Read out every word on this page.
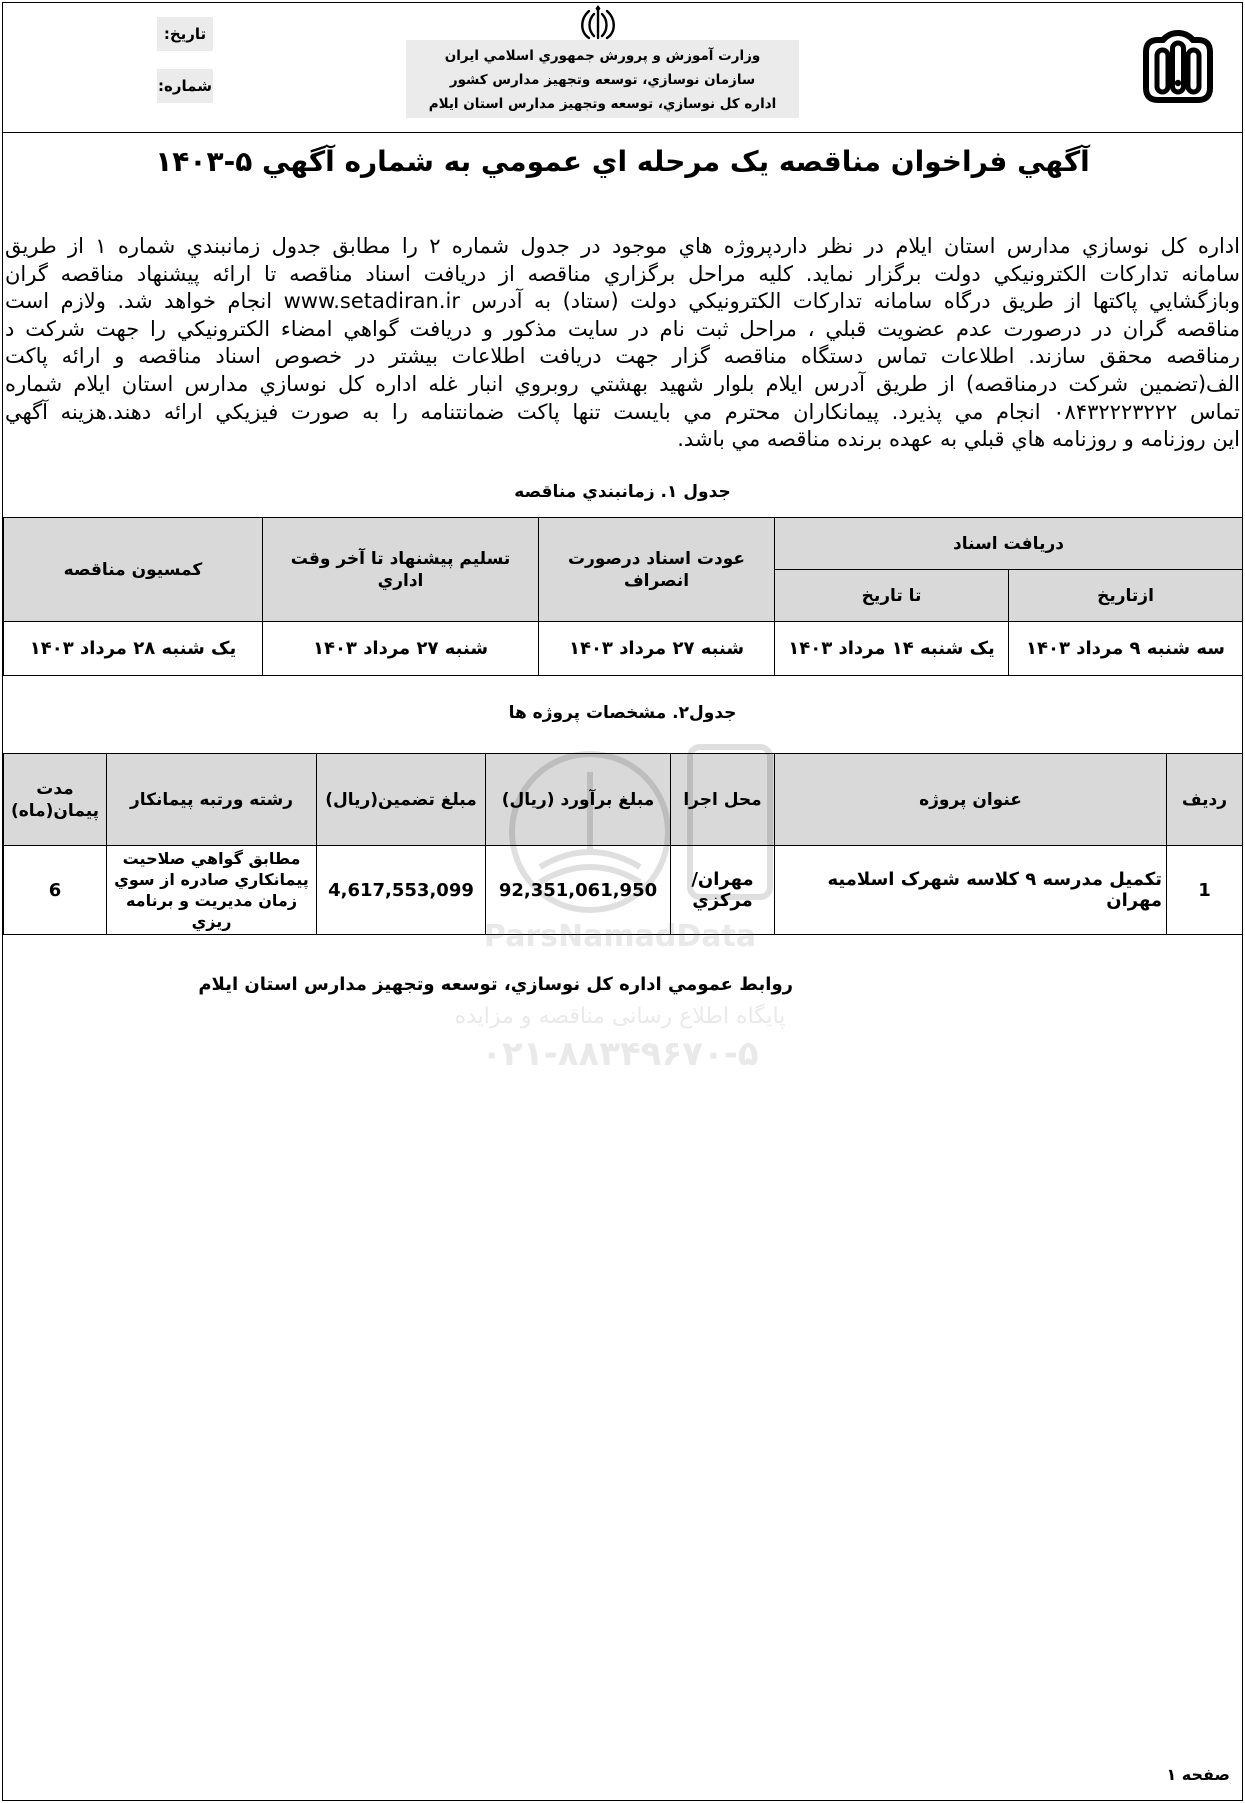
تاريخ:
شماره:
وزارت آموزش و پرورش جمهوري اسلامي ايران
سازمان نوسازي، توسعه وتجهيز مدارس كشور
اداره كل نوسازي، توسعه وتجهيز مدارس استان ايلام
آگهي فراخوان مناقصه يک مرحله اي عمومي به شماره آگهي ۵-۱۴۰۳
اداره كل نوسازي مدارس استان ايلام در نظر داردپروژه هاي موجود در جدول شماره ۲ را مطابق جدول زمانبندي شماره ۱ از طريق
سامانه تداركات الكترونيكي دولت برگزار نمايد. كليه مراحل برگزاري مناقصه از دريافت اسناد مناقصه تا ارائه پيشنهاد مناقصه گران
وبازگشايي پاكتها از طريق درگاه سامانه تداركات الكترونيكي دولت (ستاد) به آدرس www.setadiran.ir انجام خواهد شد. ولازم است
مناقصه گران در درصورت عدم عضويت قبلي ، مراحل ثبت نام در سايت مذكور و دريافت گواهي امضاء الكترونيكي را جهت شركت د
رمناقصه محقق سازند. اطلاعات تماس دستگاه مناقصه گزار جهت دريافت اطلاعات بيشتر در خصوص اسناد مناقصه و ارائه پاكت
الف(تضمين شركت درمناقصه) از طريق آدرس ايلام بلوار شهيد بهشتي روبروي انبار غله اداره كل نوسازي مدارس استان ايلام شماره
تماس ۰۸۴۳۲۲۲۳۲۲۲ انجام مي پذيرد. پيمانكاران محترم مي بايست تنها پاكت ضمانتنامه را به صورت فيزيكي ارائه دهند.هزينه آگهي
اين روزنامه و روزنامه هاي قبلي به عهده برنده مناقصه مي باشد.
جدول ۱. زمانبندي مناقصه
دريافت اسناد		عودت اسناد درصورت انصراف	تسليم پيشنهاد تا آخر وقت اداري	كمسيون مناقصه
ازتاريخ	تا تاريخ			
سه شنبه ۹ مرداد ۱۴۰۳	يک شنبه ۱۴ مرداد ۱۴۰۳	شنبه ۲۷ مرداد ۱۴۰۳	شنبه ۲۷ مرداد ۱۴۰۳	يک شنبه ۲۸ مرداد ۱۴۰۳
جدول۲. مشخصات پروژه ها
رديف	عنوان پروژه	محل اجرا	مبلغ برآورد (ريال)	مبلغ تضمين(ريال)	رشته ورتبه پيمانكار	مدت پيمان(ماه)
1	تكميل مدرسه ۹ كلاسه شهرک اسلاميه مهران	مهران/مركزي	92,351,061,950	4,617,553,099	مطابق گواهي صلاحيت پيمانكاري صادره از سوي زمان مديريت و برنامه ريزي	6
روابط عمومي اداره كل نوسازي، توسعه وتجهيز مدارس استان ايلام
صفحه ۱
ParsNamadData
پایگاه اطلاع رسانی مناقصه و مزایده
۰۲۱-۸۸۳۴۹۶۷۰-۵
